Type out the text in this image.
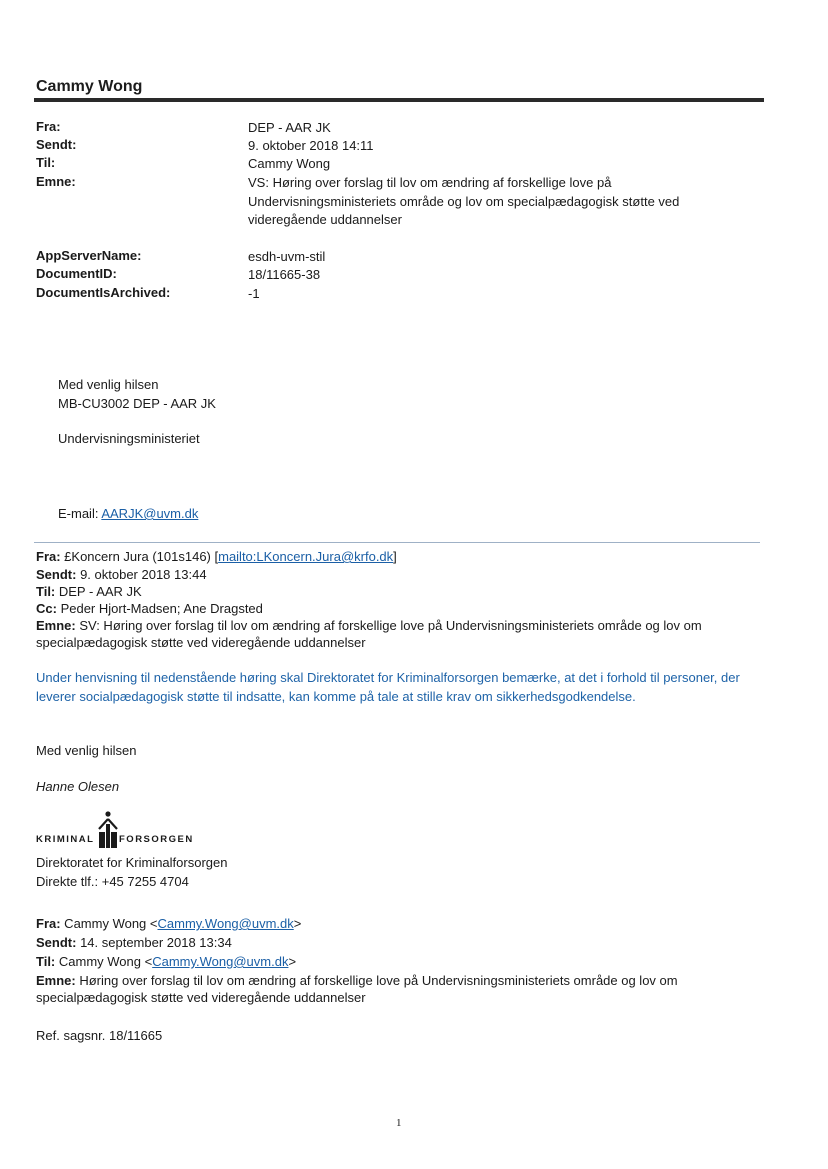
Cammy Wong
Fra:	DEP - AAR JK
Sendt:	9. oktober 2018 14:11
Til:	Cammy Wong
Emne:	VS: Høring over forslag til lov om ændring af forskellige love på Undervisningsministeriets område og lov om specialpædagogisk støtte ved videregående uddannelser
AppServerName:	esdh-uvm-stil
DocumentID:	18/11665-38
DocumentIsArchived:	-1
Med venlig hilsen
MB-CU3002 DEP - AAR JK
Undervisningsministeriet
E-mail: AARJK@uvm.dk
Fra: £Koncern Jura (101s146) [mailto:LKoncern.Jura@krfo.dk]
Sendt: 9. oktober 2018 13:44
Til: DEP - AAR JK
Cc: Peder Hjort-Madsen; Ane Dragsted
Emne: SV: Høring over forslag til lov om ændring af forskellige love på Undervisningsministeriets område og lov om specialpædagogisk støtte ved videregående uddannelser
Under henvisning til nedenstående høring skal Direktoratet for Kriminalforsorgen bemærke, at det i forhold til personer, der leverer socialpædagogisk støtte til indsatte, kan komme på tale at stille krav om sikkerhedsgodkendelse.
Med venlig hilsen
Hanne Olesen
KRIMINAL	FORSORGEN
Direktoratet for Kriminalforsorgen
Direkte tlf.: +45 7255 4704
Fra: Cammy Wong <Cammy.Wong@uvm.dk>
Sendt: 14. september 2018 13:34
Til: Cammy Wong <Cammy.Wong@uvm.dk>
Emne: Høring over forslag til lov om ændring af forskellige love på Undervisningsministeriets område og lov om specialpædagogisk støtte ved videregående uddannelser
Ref. sagsnr. 18/11665
1
